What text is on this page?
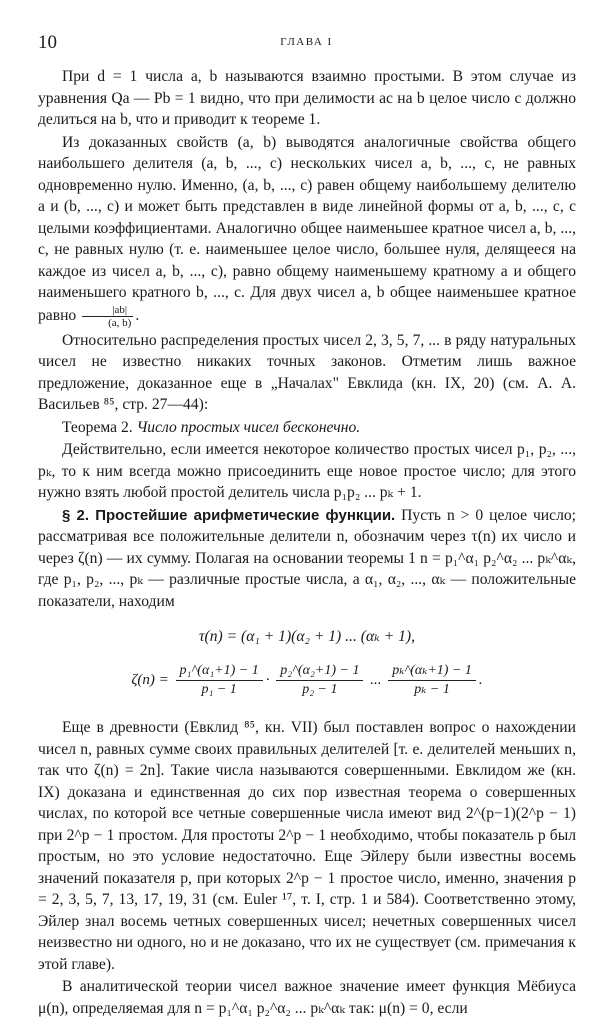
10	ГЛАВА I

При d = 1 числа a, b называются взаимно простыми. В этом случае из уравнения Qa — Pb = 1 видно, что при делимости ac на b целое число c должно делиться на b, что и приводит к теореме 1.

Из доказанных свойств (a, b) выводятся аналогичные свойства общего наибольшего делителя (a, b, ..., c) нескольких чисел a, b, ..., c, не равных одновременно нулю. Именно, (a, b, ..., c) равен общему наибольшему делителю a и (b, ..., c) и может быть представлен в виде линейной формы от a, b, ..., c, с целыми коэффициентами. Аналогично общее наименьшее кратное чисел a, b, ..., c, не равных нулю (т. е. наименьшее целое число, большее нуля, делящееся на каждое из чисел a, b, ..., c), равно общему наименьшему кратному a и общего наименьшего кратного b, ..., c. Для двух чисел a, b общее наименьшее кратное равно $\frac{|ab|}{(a, b)}$ .

Относительно распределения простых чисел 2, 3, 5, 7, ... в ряду натуральных чисел не известно никаких точных законов. Отметим лишь важное предложение, доказанное еще в „Началах" Евклида (кн. IX, 20) (см. А. А. Васильев ⁸⁵, стр. 27—44):

Теорема 2. Число простых чисел бесконечно.

Действительно, если имеется некоторое количество простых чисел p₁, p₂, ..., pₖ, то к ним всегда можно присоединить еще новое простое число; для этого нужно взять любой простой делитель числа p₁p₂ ... pₖ + 1.

§ 2. Простейшие арифметические функции. Пусть n > 0 целое число; рассматривая все положительные делители n, обозначим через τ(n) их число и через ζ(n) — их сумму. Полагая на основании теоремы 1 n = p₁^α₁ p₂^α₂ ... pₖ^αₖ, где p₁, p₂, ..., pₖ — различные простые числа, а α₁, α₂, ..., αₖ — положительные показатели, находим

τ(n) = (α₁ + 1)(α₂ + 1) ... (αₖ + 1),
$\zeta(n) = \frac{\text{p₁\textasciicircum{}(α₁+1) − 1}}{\text{p₁ − 1}} \cdot \frac{\text{p₂\textasciicircum{}(α₂+1) − 1}}{\text{p₂ − 1}}$ ... $\frac{\text{pₖ\textasciicircum{}(αₖ+1) − 1}}{\text{pₖ − 1}}$ .

Еще в древности (Евклид ⁸⁵, кн. VII) был поставлен вопрос о нахождении чисел n, равных сумме своих правильных делителей [т. е. делителей меньших n, так что ζ(n) = 2n]. Такие числа называются совершенными. Евклидом же (кн. IX) доказана и единственная до сих пор известная теорема о совершенных числах, по которой все четные совершенные числа имеют вид 2^(p−1)(2^p − 1) при 2^p − 1 простом. Для простоты 2^p − 1 необходимо, чтобы показатель p был простым, но это условие недостаточно. Еще Эйлеру были известны восемь значений показателя p, при которых 2^p − 1 простое число, именно, значения p = 2, 3, 5, 7, 13, 17, 19, 31 (см. Euler ¹⁷, т. I, стр. 1 и 584). Соответственно этому, Эйлер знал восемь четных совершенных чисел; нечетных совершенных чисел неизвестно ни одного, но и не доказано, что их не существует (см. примечания к этой главе).

В аналитической теории чисел важное значение имеет функция Мёбиуса μ(n), определяемая для n = p₁^α₁ p₂^α₂ ... pₖ^αₖ так: μ(n) = 0, если
